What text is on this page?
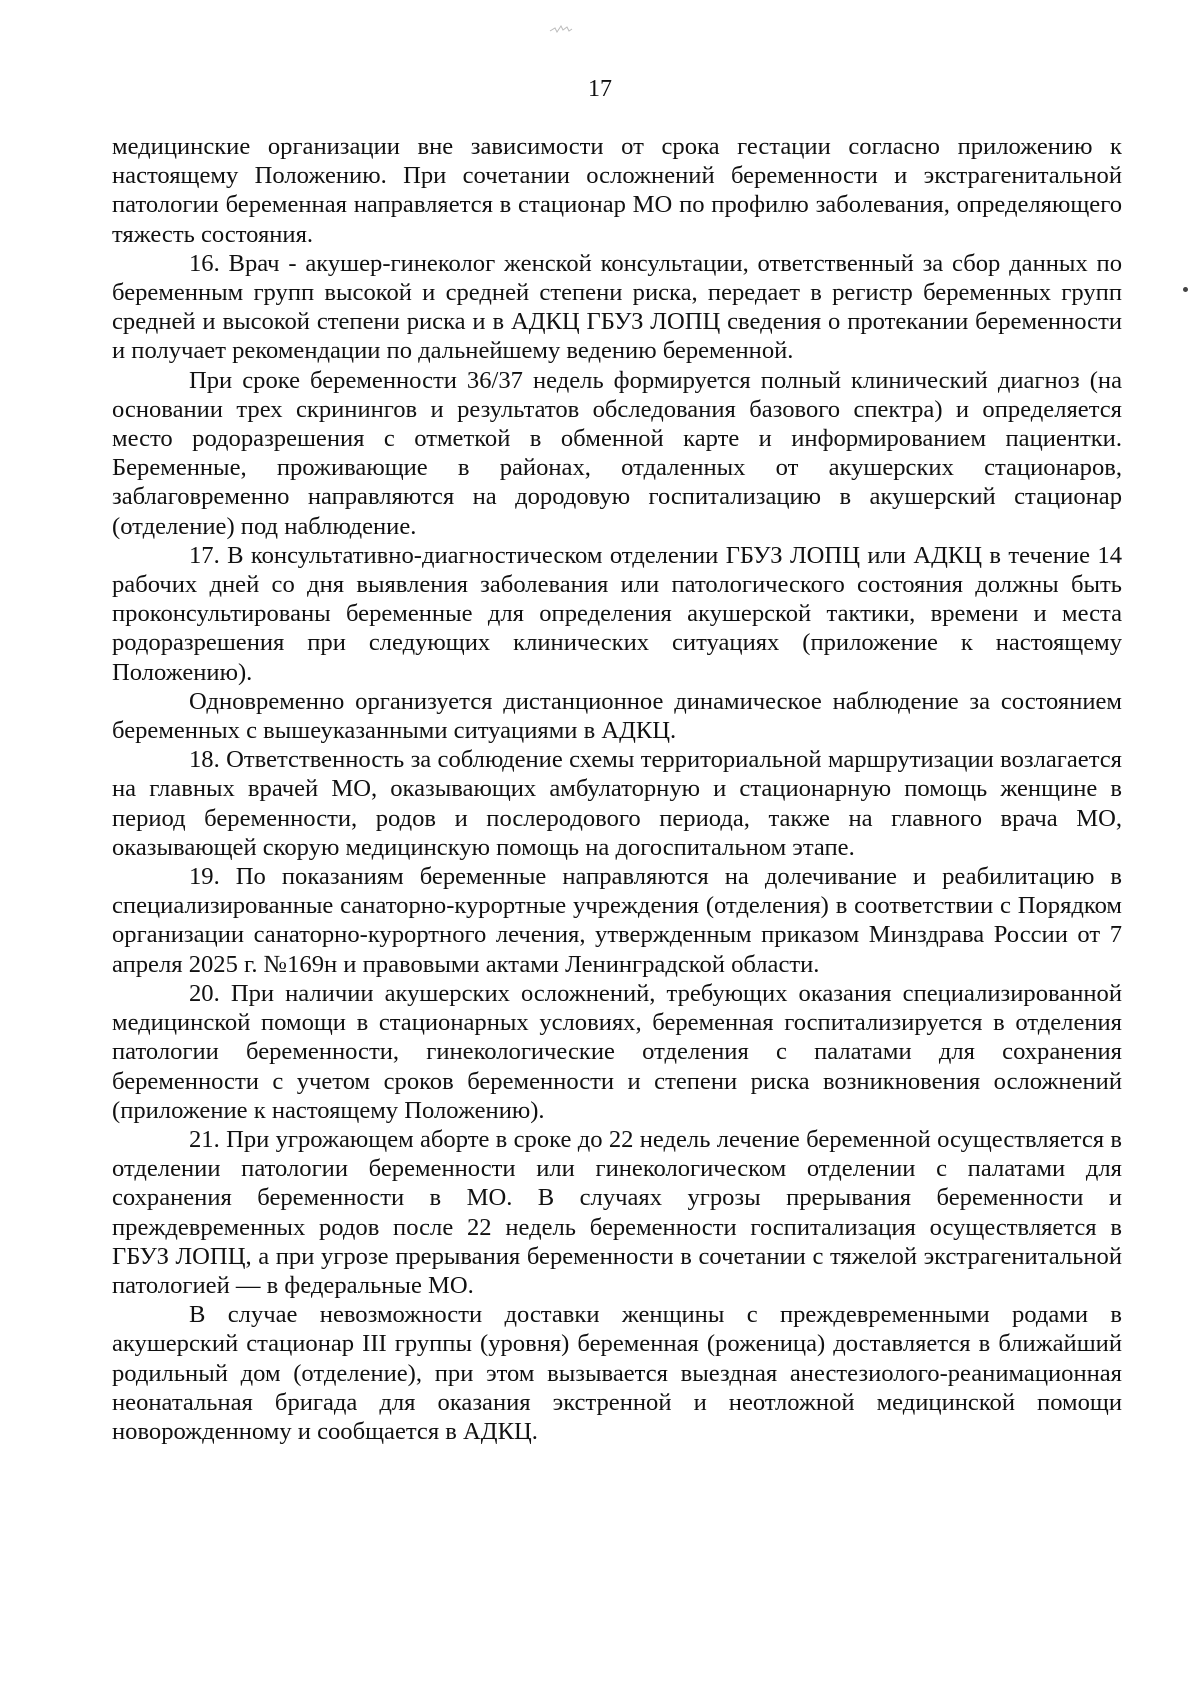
17

медицинские организации вне зависимости от срока гестации согласно приложению к настоящему Положению. При сочетании осложнений беременности и экстрагенитальной патологии беременная направляется в стационар МО по профилю заболевания, определяющего тяжесть состояния.

16. Врач - акушер-гинеколог женской консультации, ответственный за сбор данных по беременным групп высокой и средней степени риска, передает в регистр беременных групп средней и высокой степени риска и в АДКЦ ГБУЗ ЛОПЦ сведения о протекании беременности и получает рекомендации по дальнейшему ведению беременной.

При сроке беременности 36/37 недель формируется полный клинический диагноз (на основании трех скринингов и результатов обследования базового спектра) и определяется место родоразрешения с отметкой в обменной карте и информированием пациентки. Беременные, проживающие в районах, отдаленных от акушерских стационаров, заблаговременно направляются на дородовую госпитализацию в акушерский стационар (отделение) под наблюдение.

17. В консультативно-диагностическом отделении ГБУЗ ЛОПЦ или АДКЦ в течение 14 рабочих дней со дня выявления заболевания или патологического состояния должны быть проконсультированы беременные для определения акушерской тактики, времени и места родоразрешения при следующих клинических ситуациях (приложение к настоящему Положению).

Одновременно организуется дистанционное динамическое наблюдение за состоянием беременных с вышеуказанными ситуациями в АДКЦ.

18. Ответственность за соблюдение схемы территориальной маршрутизации возлагается на главных врачей МО, оказывающих амбулаторную и стационарную помощь женщине в период беременности, родов и послеродового периода, также на главного врача МО, оказывающей скорую медицинскую помощь на догоспитальном этапе.

19. По показаниям беременные направляются на долечивание и реабилитацию в специализированные санаторно-курортные учреждения (отделения) в соответствии с Порядком организации санаторно-курортного лечения, утвержденным приказом Минздрава России от 7 апреля 2025 г. №169н и правовыми актами Ленинградской области.

20. При наличии акушерских осложнений, требующих оказания специализированной медицинской помощи в стационарных условиях, беременная госпитализируется в отделения патологии беременности, гинекологические отделения с палатами для сохранения беременности с учетом сроков беременности и степени риска возникновения осложнений (приложение к настоящему Положению).

21. При угрожающем аборте в сроке до 22 недель лечение беременной осуществляется в отделении патологии беременности или гинекологическом отделении с палатами для сохранения беременности в МО. В случаях угрозы прерывания беременности и преждевременных родов после 22 недель беременности госпитализация осуществляется в ГБУЗ ЛОПЦ, а при угрозе прерывания беременности в сочетании с тяжелой экстрагенитальной патологией — в федеральные МО.

В случае невозможности доставки женщины с преждевременными родами в акушерский стационар III группы (уровня) беременная (роженица) доставляется в ближайший родильный дом (отделение), при этом вызывается выездная анестезиолого-реанимационная неонатальная бригада для оказания экстренной и неотложной медицинской помощи новорожденному и сообщается в АДКЦ.
